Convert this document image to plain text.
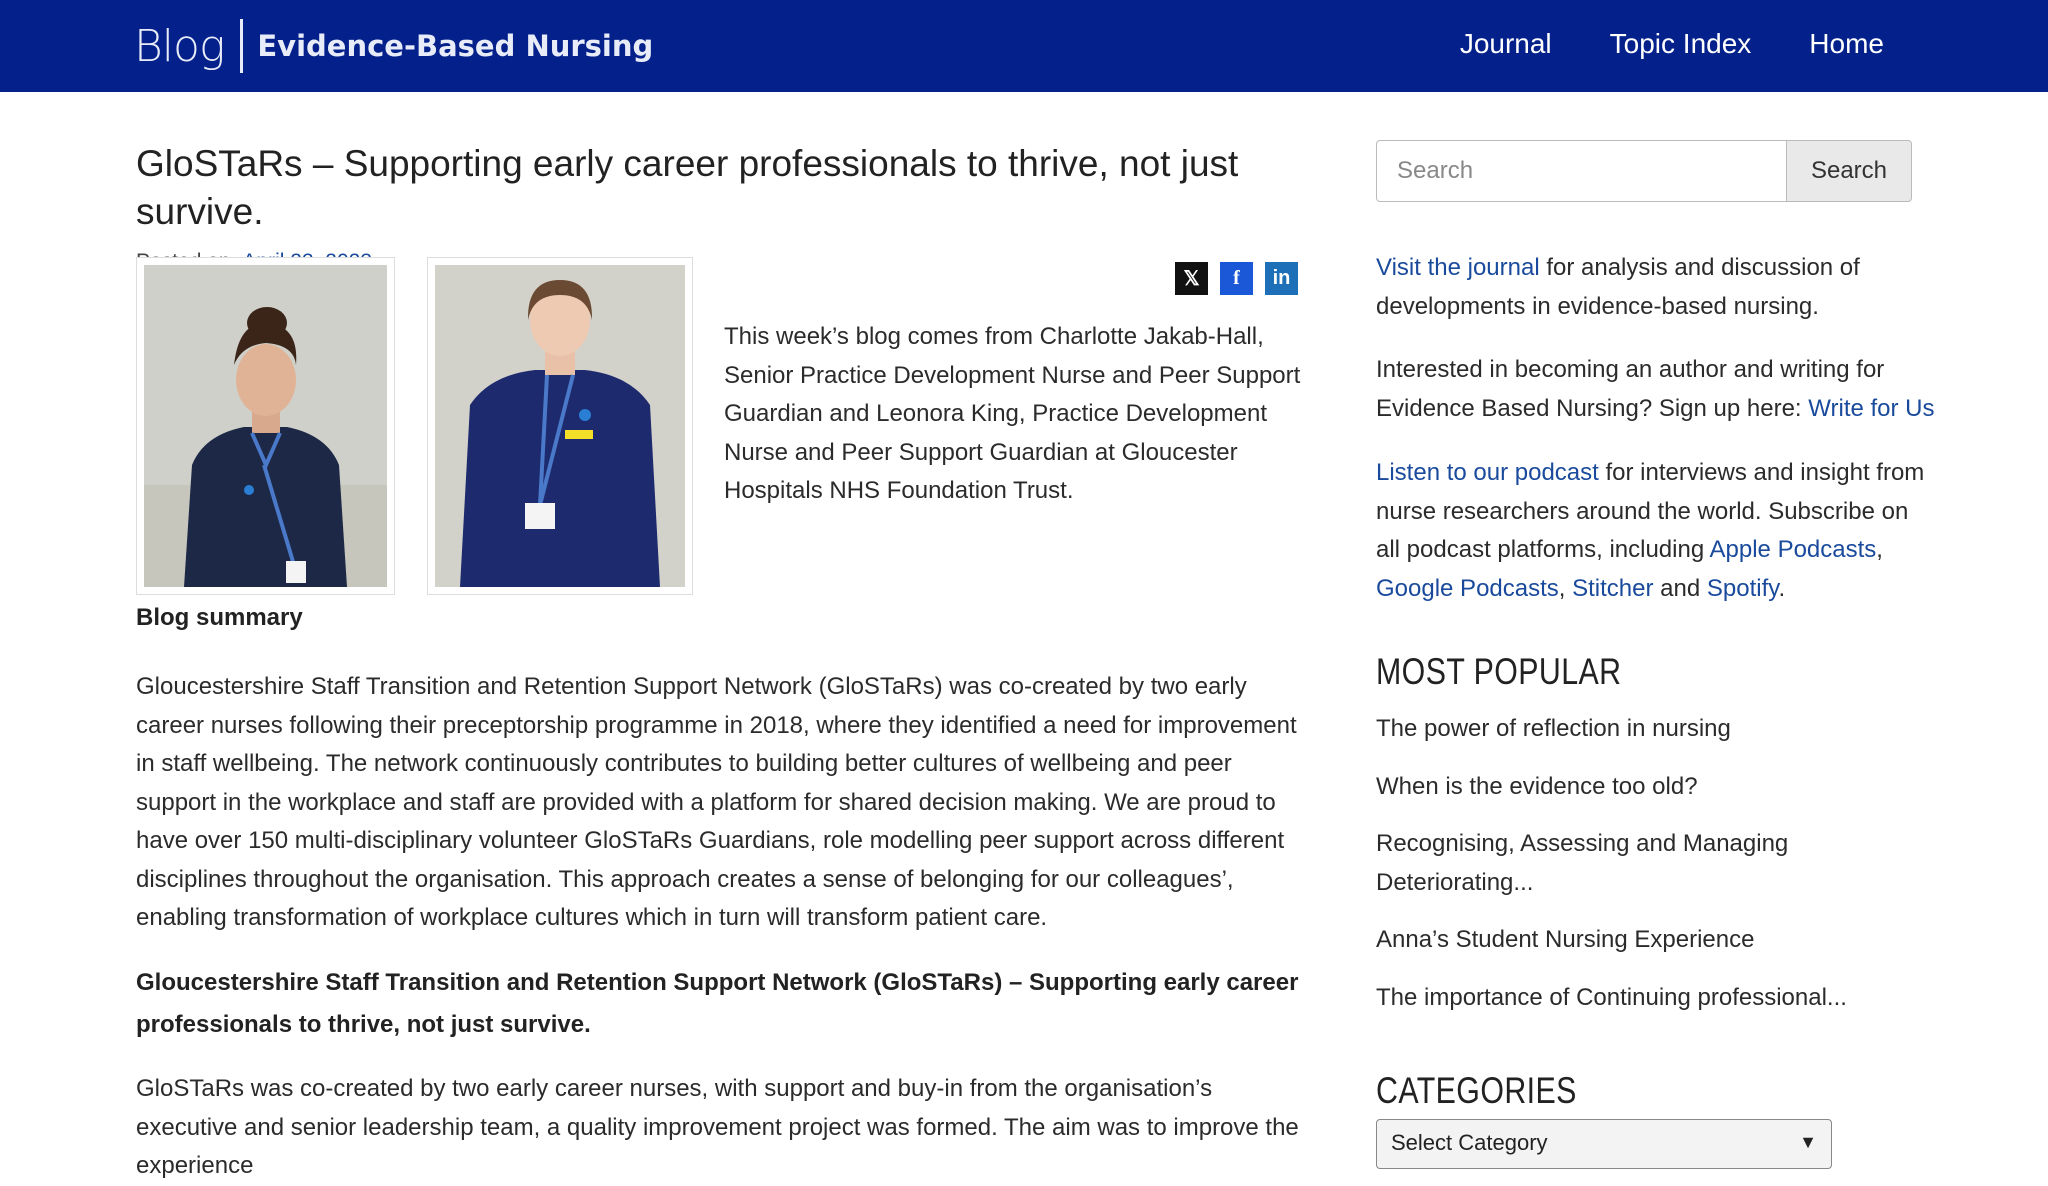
Blog Evidence-Based Nursing	Journal Topic Index Home
GloSTaRs – Supporting early career professionals to thrive, not just survive.
𝕏	f	in

This week’s blog comes from Charlotte Jakab-Hall, Senior Practice Development Nurse and Peer Support Guardian and Leonora King, Practice Development Nurse and Peer Support Guardian at Gloucester Hospitals NHS Foundation Trust.

Blog summary

Gloucestershire Staff Transition and Retention Support Network (GloSTaRs) was co-created by two early career nurses following their preceptorship programme in 2018, where they identified a need for improvement in staff wellbeing. The network continuously contributes to building better cultures of wellbeing and peer support in the workplace and staff are provided with a platform for shared decision making. We are proud to have over 150 multi-disciplinary volunteer GloSTaRs Guardians, role modelling peer support across different disciplines throughout the organisation. This approach creates a sense of belonging for our colleagues’, enabling transformation of workplace cultures which in turn will transform patient care.

Gloucestershire Staff Transition and Retention Support Network (GloSTaRs) – Supporting early career professionals to thrive, not just survive.

GloSTaRs was co-created by two early career nurses, with support and buy-in from the organisation’s executive and senior leadership team, a quality improvement project was formed. The aim was to improve the experience

Search
Search

Visit the journal for analysis and discussion of developments in evidence-based nursing.

Interested in becoming an author and writing for Evidence Based Nursing? Sign up here: Write for Us

Listen to our podcast for interviews and insight from nurse researchers around the world. Subscribe on all podcast platforms, including Apple Podcasts, Google Podcasts, Stitcher and Spotify.

MOST POPULAR
The power of reflection in nursing
When is the evidence too old?
Recognising, Assessing and Managing Deteriorating...
Anna’s Student Nursing Experience
The importance of Continuing professional...
CATEGORIES
Select Category	▼
